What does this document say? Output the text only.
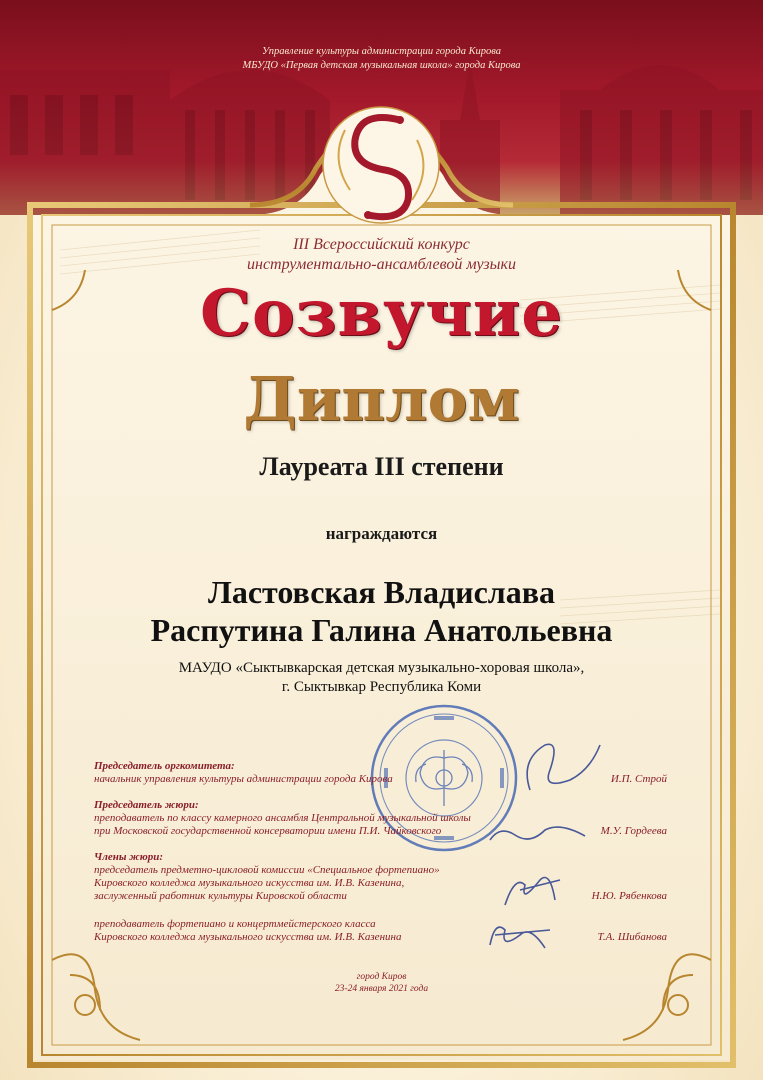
Управление культуры администрации города Кирова

МБУДО «Первая детская музыкальная школа» города Кирова

III Всероссийский конкурс

инструментально-ансамблевой музыки

Созвучие

Диплом

Лауреата III степени

награждаются

Ластовская Владислава

Распутина Галина Анатольевна

МАУДО «Сыктывкарская детская музыкально-хоровая школа»,

г. Сыктывкар Республика Коми

Председатель оргкомитета:

начальник управления культуры администрации города Кирова	И.П. Строй

Председатель жюри:

преподаватель по классу камерного ансамбля Центральной музыкальной школы

при Московской государственной консерватории имени П.И. Чайковского	М.У. Гордеева

Члены жюри:

председатель предметно-цикловой комиссии «Специальное фортепиано»

Кировского колледжа музыкального искусства им. И.В. Казенина,

заслуженный работник культуры Кировской области	Н.Ю. Рябенкова

преподаватель фортепиано и концертмейстерского класса

Кировского колледжа музыкального искусства им. И.В. Казенина	Т.А. Шибанова

город Киров

23-24 января 2021 года
